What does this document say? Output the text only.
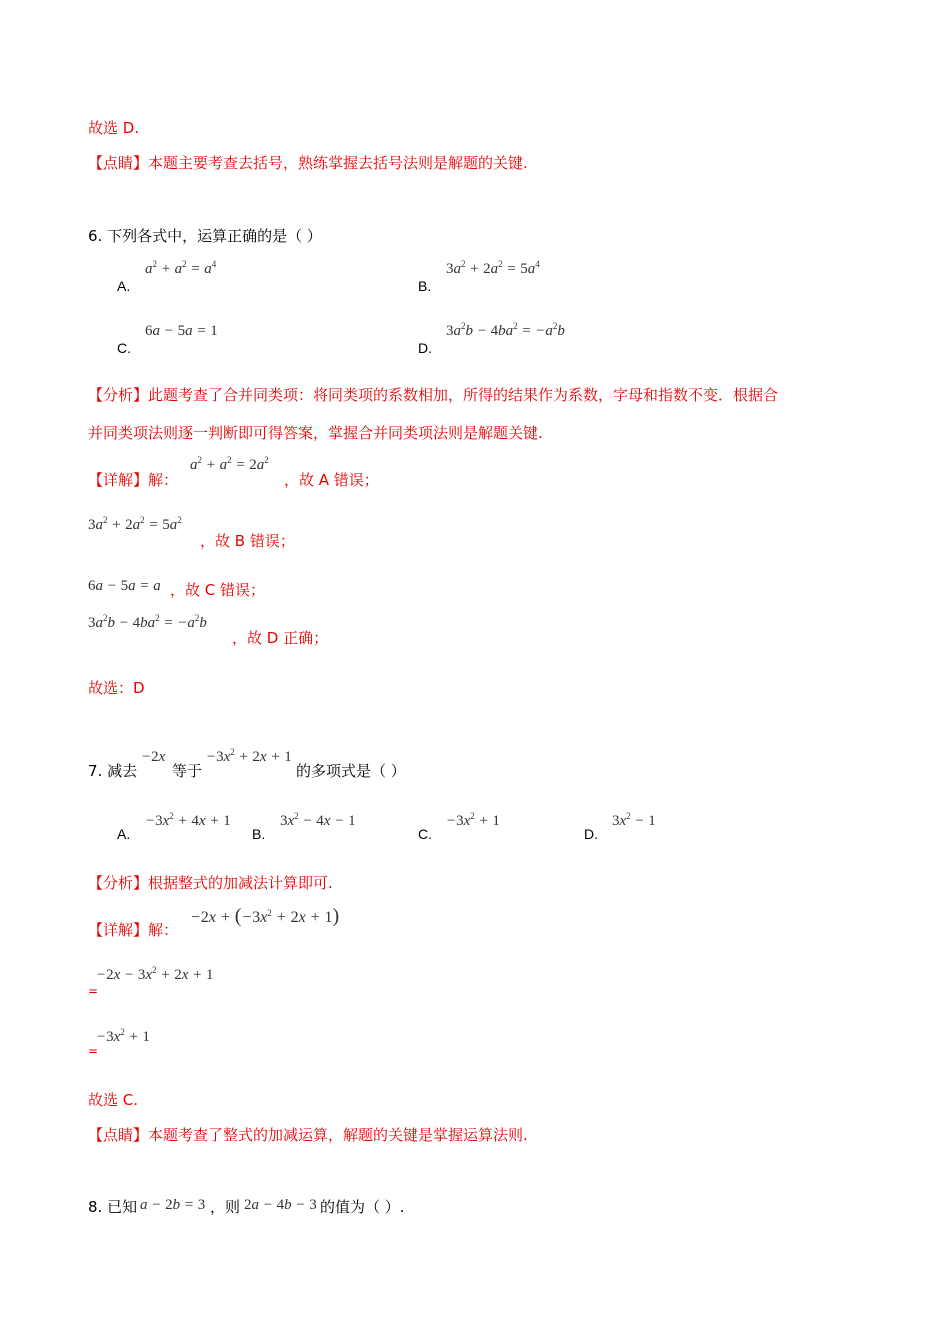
故选 D.
【点睛】本题主要考查去括号，熟练掌握去括号法则是解题的关键.
6. 下列各式中，运算正确的是（ ）
A.
$a^2 + a^2 = a^4$
B.
$3a^2 + 2a^2 = 5a^4$
C.
6a − 5a = 1
D.
$3a^2b - 4ba^2 = -a^2b$
【分析】此题考查了合并同类项：将同类项的系数相加，所得的结果作为系数，字母和指数不变．根据合
并同类项法则逐一判断即可得答案，掌握合并同类项法则是解题关键.
【详解】解：
$a^2 + a^2 = 2a^2$
，故 A 错误；
$3a^2 + 2a^2 = 5a^2$
，故 B 错误；
6a − 5a = a ，故 C 错误；
$3a^2b - 4ba^2 = -a^2b$
，故 D 正确；
故选：D
7. 减去
−2x
等于
$-3x^2 + 2x + 1$
的多项式是（ ）
A.
$-3x^2 + 4x + 1$
B.
$3x^2 - 4x - 1$
C.
$-3x^2 + 1$
D.
$3x^2 - 1$
【分析】根据整式的加减法计算即可.
【详解】解：
$-2x + (-3x^2 + 2x + 1)$
=
$-2x - 3x^2 + 2x + 1$
=
$-3x^2 + 1$
故选 C.
【点睛】本题考查了整式的加减运算，解题的关键是掌握运算法则.
8. 已知 a − 2b = 3 ，则 2a − 4b − 3 的值为（ ）.
